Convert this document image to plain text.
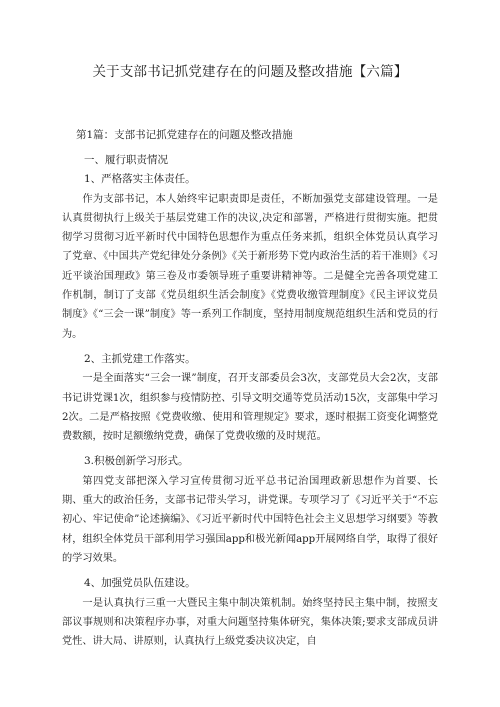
关于支部书记抓党建存在的问题及整改措施【六篇】
第1篇：支部书记抓党建存在的问题及整改措施
一、履行职责情况
1、严格落实主体责任。

作为支部书记，本人始终牢记职责即是责任，不断加强党支部建设管理。一是认真贯彻执行上级关于基层党建工作的决议,决定和部署，严格进行贯彻实施。把贯彻学习贯彻习近平新时代中国特色思想作为重点任务来抓，组织全体党员认真学习了党章、《中国共产党纪律处分条例》《关于新形势下党内政治生活的若干准则》《习近平谈治国理政》第三卷及市委领导班子重要讲精神等。二是健全完善各项党建工作机制，制订了支部《党员组织生活会制度》《党费收缴管理制度》《民主评议党员制度》《“三会一课”制度》等一系列工作制度，坚持用制度规范组织生活和党员的行为。

2、主抓党建工作落实。

一是全面落实“三会一课”制度，召开支部委员会3次，支部党员大会2次，支部书记讲党课1次，组织参与疫情防控、引导文明交通等党员活动15次，支部集中学习2次。二是严格按照《党费收缴、使用和管理规定》要求，逐时根据工资变化调整党费数额，按时足额缴纳党费，确保了党费收缴的及时规范。

3.积极创新学习形式。

第四党支部把深入学习宣传贯彻习近平总书记治国理政新思想作为首要、长期、重大的政治任务，支部书记带头学习，讲党课。专项学习了《习近平关于“不忘初心、牢记使命”论述摘编》、《习近平新时代中国特色社会主义思想学习纲要》等教材，组织全体党员干部利用学习强国app和极光新闻app开展网络自学，取得了很好的学习效果。

4、加强党员队伍建设。

一是认真执行三重一大暨民主集中制决策机制。始终坚持民主集中制，按照支部议事规则和决策程序办事，对重大问题坚持集体研究，集体决策;要求支部成员讲党性、讲大局、讲原则，认真执行上级党委决议决定，自
